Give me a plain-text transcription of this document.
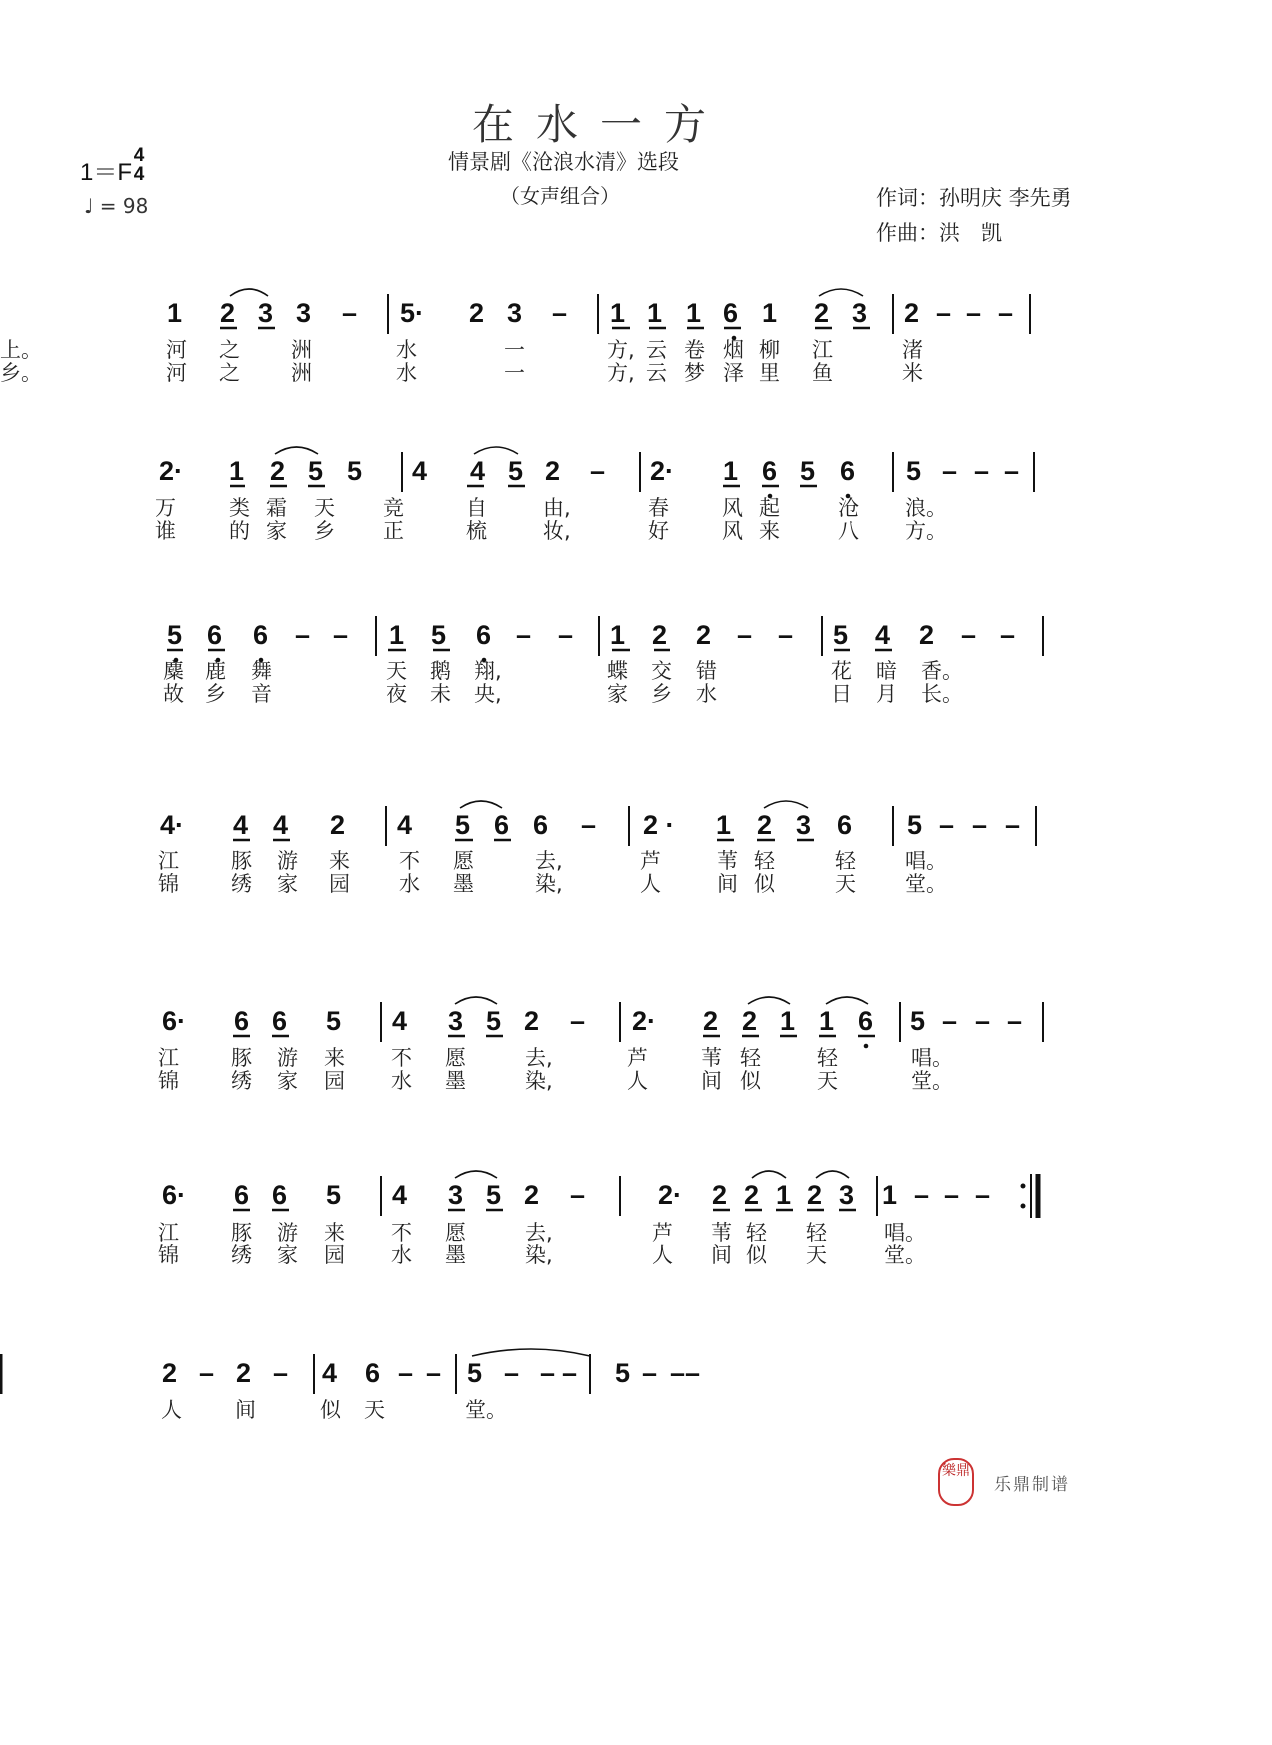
在水一方
情景剧《沧浪水清》选段
（女声组合）	作词：孙明庆 李先勇
作曲：洪　凯
1＝F
4
4
♩ = 98
1 2 3 3 – 5· 2 3 – 1 1 1 6 1 2 3 2 – – –
河 之 洲	水	一	方, 云 卷 烟 柳 江	渚
上。
河 之 洲	水	一	方, 云 梦 泽 里 鱼	米
乡。
2· 1 2 5 5 4 4 5 2 – 2· 1 6 5 6 5 – – –
万	类 霜 天 竞	自	由,	春	风 起	沧 浪。
谁	的 家 乡 正	梳	妆,	好	风 来	八 方。
5 6 6 – – 1 5 6 – – 1 2 2 – – 5 4 2 – –
麋 鹿 舞	天 鹅 翔,	蝶 交 错	花 暗 香。
故 乡 音	夜 未 央,	家 乡 水	日 月 长。
4· 4 4 2 4 5 6 6 – 2 · 1 2 3 6 5 – – –
江 豚 游 来 不 愿	去,	芦	苇 轻	轻 唱。
锦 绣 家 园 水 墨	染,	人	间 似	天 堂。
6· 6 6 5 4 3 5 2 – 2· 2 2 1 1 6 5 – – –
江 豚 游 来 不 愿	去,	芦	苇 轻	轻	唱。
锦 绣 家 园 水 墨	染,	人	间 似	天	堂。
6· 6 6 5 4 3 5 2 –	2· 2 2 1 2 3 1 – – –
江 豚 游 来 不 愿	去,	芦 苇 轻 轻	唱。
锦 绣 家 园 水 墨	染,	人 间 似 天	堂。
2 – 2 – 4 6 – – 5 – – – 5 – – –
人	间	似 天	堂。
樂鼎
乐鼎制谱
